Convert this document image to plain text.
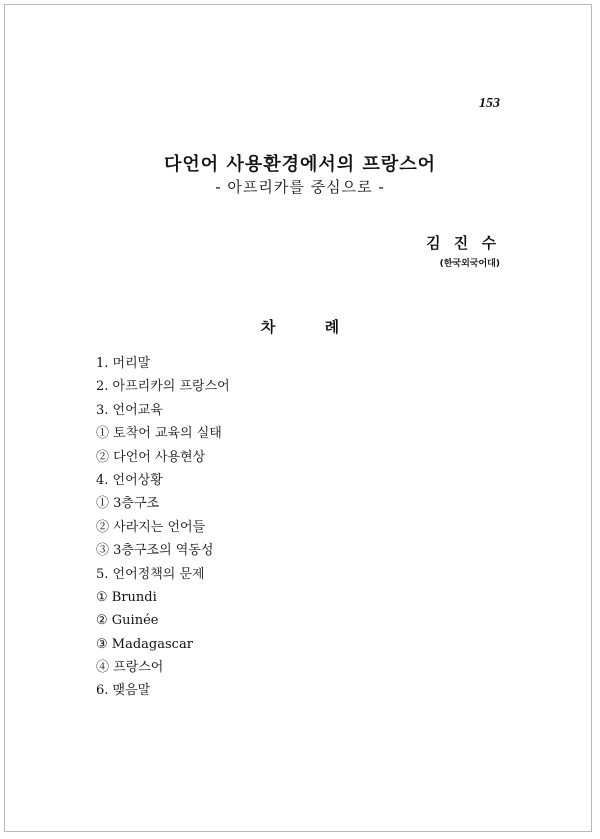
153
다언어 사용환경에서의 프랑스어
- 아프리카를 중심으로 -
김 진 수
(한국외국어대)
차 례
1. 머리말
2. 아프리카의 프랑스어
3. 언어교육
① 토착어 교육의 실태
② 다언어 사용현상
4. 언어상황
① 3층구조
② 사라지는 언어들
③ 3층구조의 역동성
5. 언어정책의 문제
① Brundi
② Guinée
③ Madagascar
④ 프랑스어
6. 맺음말
